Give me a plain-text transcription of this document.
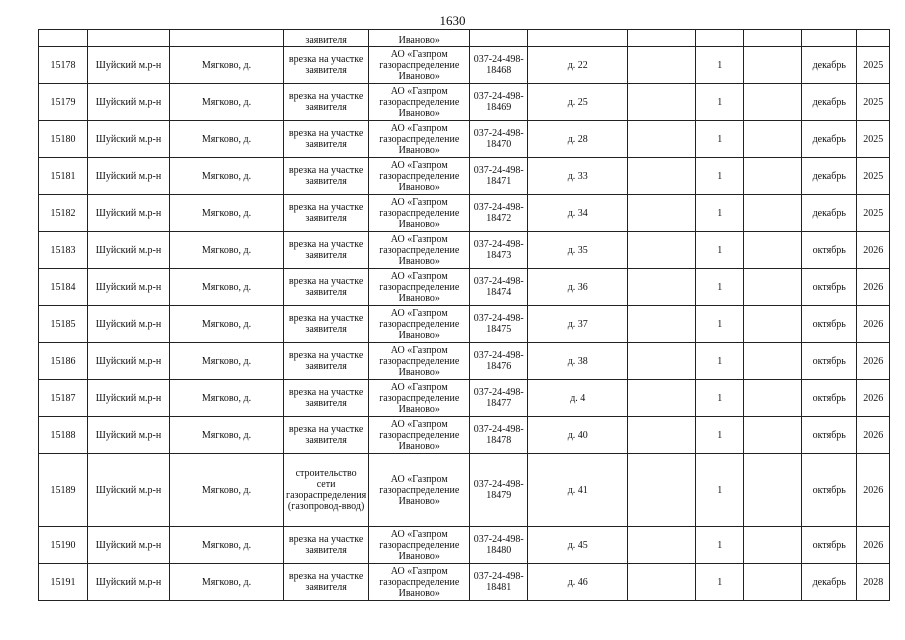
1630
			заявителя	Иваново»							
15178	Шуйский м.р-н	Мягково, д.	врезка на участке заявителя	АО «Газпром газораспределение Иваново»	037-24-498-18468	д. 22		1		декабрь	2025
15179	Шуйский м.р-н	Мягково, д.	врезка на участке заявителя	АО «Газпром газораспределение Иваново»	037-24-498-18469	д. 25		1		декабрь	2025
15180	Шуйский м.р-н	Мягково, д.	врезка на участке заявителя	АО «Газпром газораспределение Иваново»	037-24-498-18470	д. 28		1		декабрь	2025
15181	Шуйский м.р-н	Мягково, д.	врезка на участке заявителя	АО «Газпром газораспределение Иваново»	037-24-498-18471	д. 33		1		декабрь	2025
15182	Шуйский м.р-н	Мягково, д.	врезка на участке заявителя	АО «Газпром газораспределение Иваново»	037-24-498-18472	д. 34		1		декабрь	2025
15183	Шуйский м.р-н	Мягково, д.	врезка на участке заявителя	АО «Газпром газораспределение Иваново»	037-24-498-18473	д. 35		1		октябрь	2026
15184	Шуйский м.р-н	Мягково, д.	врезка на участке заявителя	АО «Газпром газораспределение Иваново»	037-24-498-18474	д. 36		1		октябрь	2026
15185	Шуйский м.р-н	Мягково, д.	врезка на участке заявителя	АО «Газпром газораспределение Иваново»	037-24-498-18475	д. 37		1		октябрь	2026
15186	Шуйский м.р-н	Мягково, д.	врезка на участке заявителя	АО «Газпром газораспределение Иваново»	037-24-498-18476	д. 38		1		октябрь	2026
15187	Шуйский м.р-н	Мягково, д.	врезка на участке заявителя	АО «Газпром газораспределение Иваново»	037-24-498-18477	д. 4		1		октябрь	2026
15188	Шуйский м.р-н	Мягково, д.	врезка на участке заявителя	АО «Газпром газораспределение Иваново»	037-24-498-18478	д. 40		1		октябрь	2026
15189	Шуйский м.р-н	Мягково, д.	строительство сети газораспределения (газопровод-ввод)	АО «Газпром газораспределение Иваново»	037-24-498-18479	д. 41		1		октябрь	2026
15190	Шуйский м.р-н	Мягково, д.	врезка на участке заявителя	АО «Газпром газораспределение Иваново»	037-24-498-18480	д. 45		1		октябрь	2026
15191	Шуйский м.р-н	Мягково, д.	врезка на участке заявителя	АО «Газпром газораспределение Иваново»	037-24-498-18481	д. 46		1		декабрь	2028
